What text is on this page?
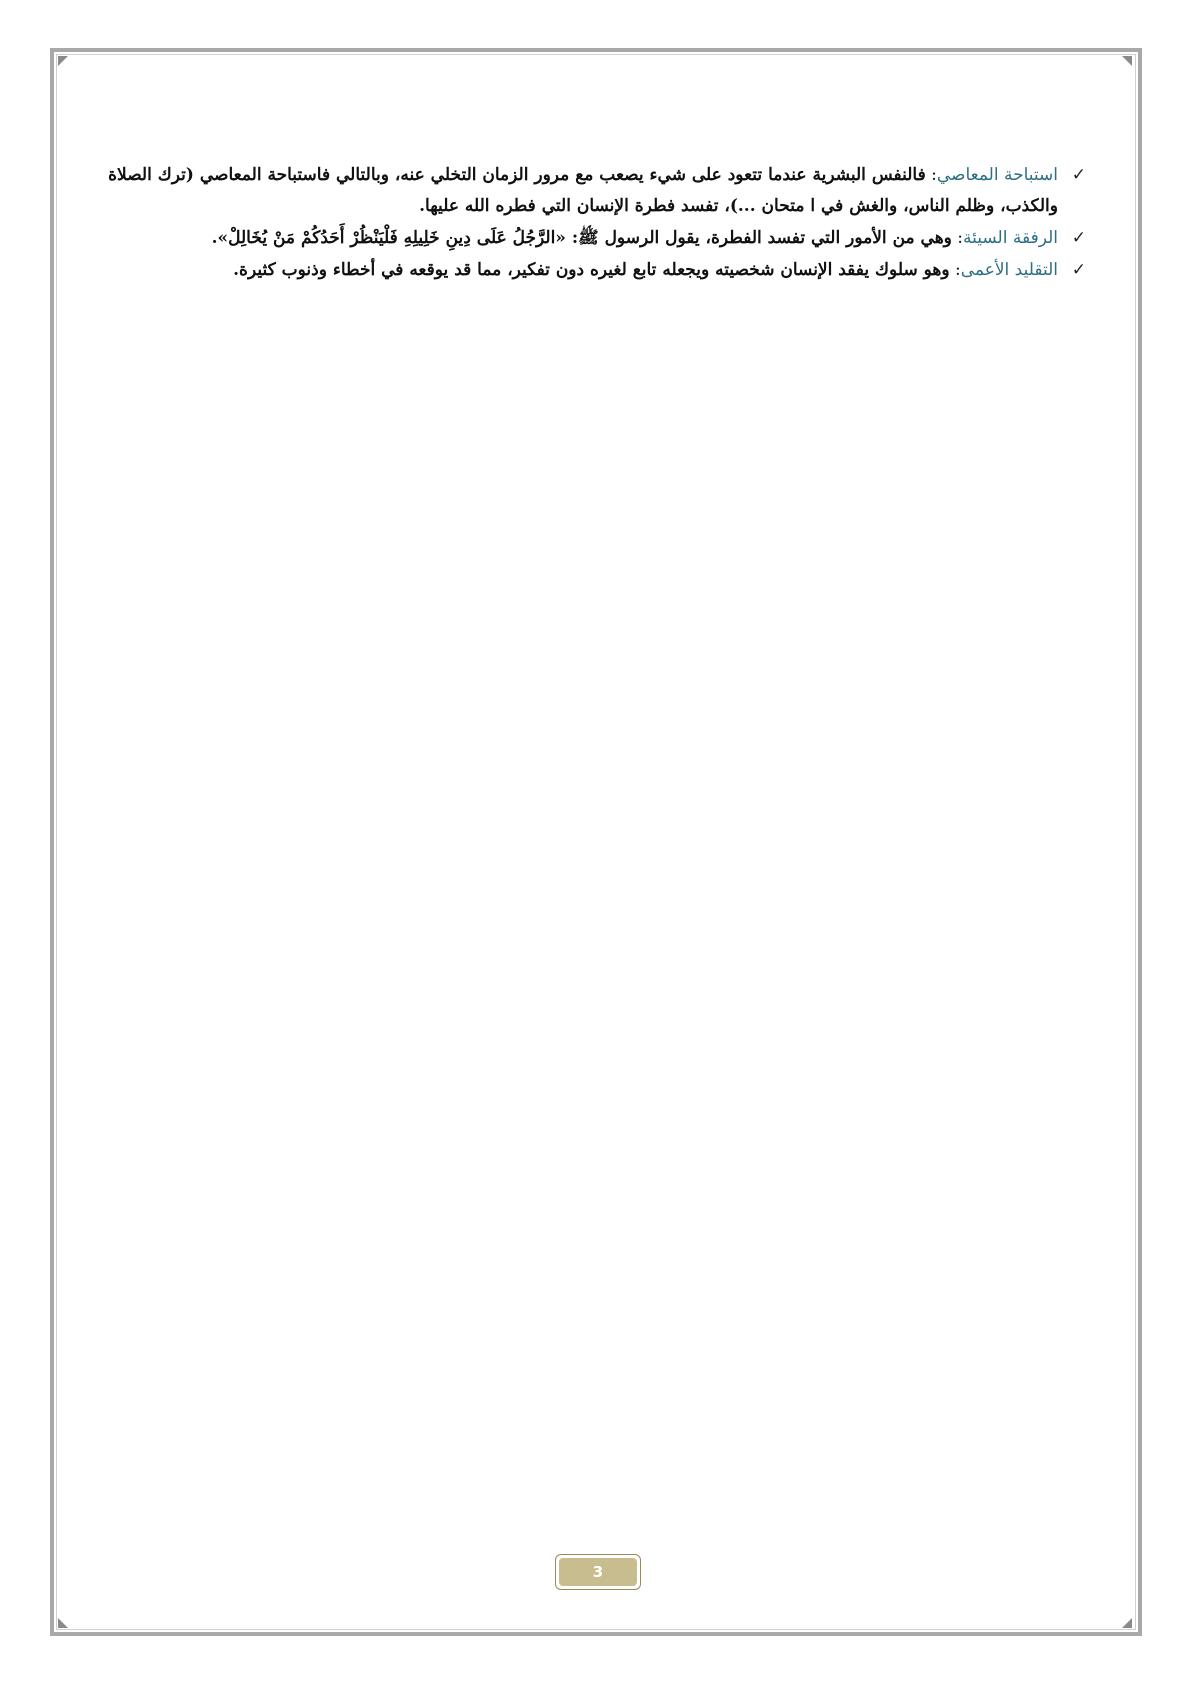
✓
استباحة المعاصي: فالنفس البشرية عندما تتعود على شيء يصعب مع مرور الزمان التخلي عنه، وبالتالي فاستباحة المعاصي (ترك الصلاة والكذب، وظلم الناس، والغش في ا متحان ...)، تفسد فطرة الإنسان التي فطره الله عليها.
✓
الرفقة السيئة: وهي من الأمور التي تفسد الفطرة، يقول الرسول ﷺ: «الرَّجُلُ عَلَى دِينِ خَلِيلِهِ فَلْيَنْظُرْ أَحَدُكُمْ مَنْ يُخَالِلْ».
✓
التقليد الأعمى: وهو سلوك يفقد الإنسان شخصيته ويجعله تابع لغيره دون تفكير، مما قد يوقعه في أخطاء وذنوب كثيرة.
3
